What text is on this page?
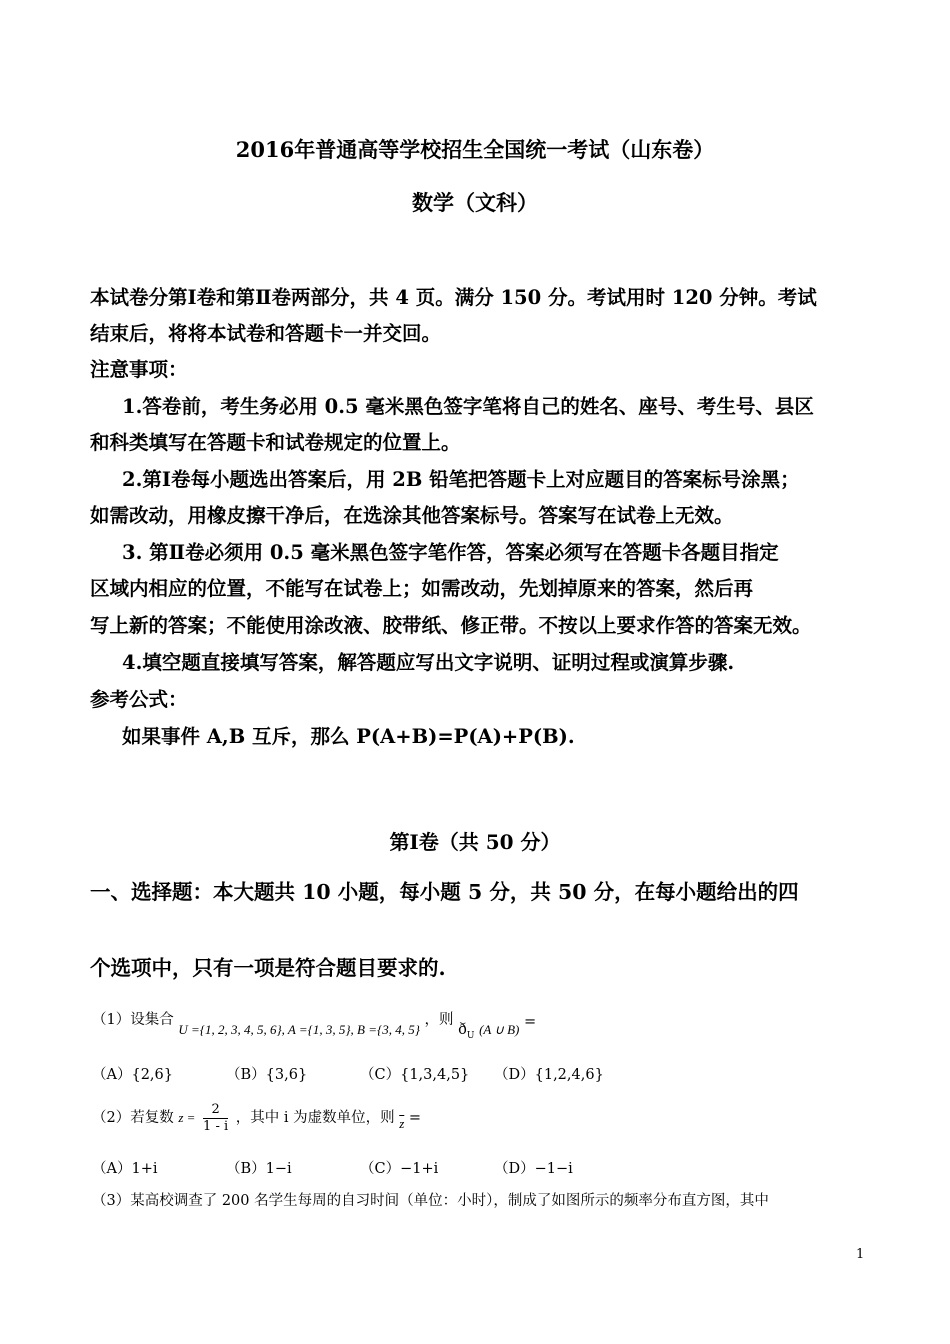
2016年普通高等学校招生全国统一考试（山东卷）
数学（文科）
本试卷分第Ⅰ卷和第Ⅱ卷两部分，共 4 页。满分 150 分。考试用时 120 分钟。考试
结束后，将将本试卷和答题卡一并交回。
注意事项：
1.答卷前，考生务必用 0.5 毫米黑色签字笔将自己的姓名、座号、考生号、县区
和科类填写在答题卡和试卷规定的位置上。
2.第Ⅰ卷每小题选出答案后，用 2B 铅笔把答题卡上对应题目的答案标号涂黑；
如需改动，用橡皮擦干净后，在选涂其他答案标号。答案写在试卷上无效。
3. 第Ⅱ卷必须用 0.5 毫米黑色签字笔作答，答案必须写在答题卡各题目指定
区域内相应的位置，不能写在试卷上；如需改动，先划掉原来的答案，然后再
写上新的答案；不能使用涂改液、胶带纸、修正带。不按以上要求作答的答案无效。
4.填空题直接填写答案，解答题应写出文字说明、证明过程或演算步骤.
参考公式：
如果事件 A,B 互斥，那么 P(A+B)=P(A)+P(B).
第Ⅰ卷（共 50 分）
一、选择题：本大题共 10 小题，每小题 5 分，共 50 分，在每小题给出的四
个选项中，只有一项是符合题目要求的.
（1）设集合 U ={1, 2, 3, 4, 5, 6}, A ={1, 3, 5}, B ={3, 4, 5} ，则 $ð_U$ (A ∪ B) =
（A）{2,6}	（B）{3,6}	（C）{1,3,4,5} （D）{1,2,4,6}
（2）若复数 $z = \frac{2}{1 - i}$ ，其中 i 为虚数单位，则 $\overline{z}$ =
（A）1+i	（B）1−i	（C）−1+i	（D）−1−i
（3）某高校调查了 200 名学生每周的自习时间（单位：小时），制成了如图所示的频率分布直方图，其中
1
